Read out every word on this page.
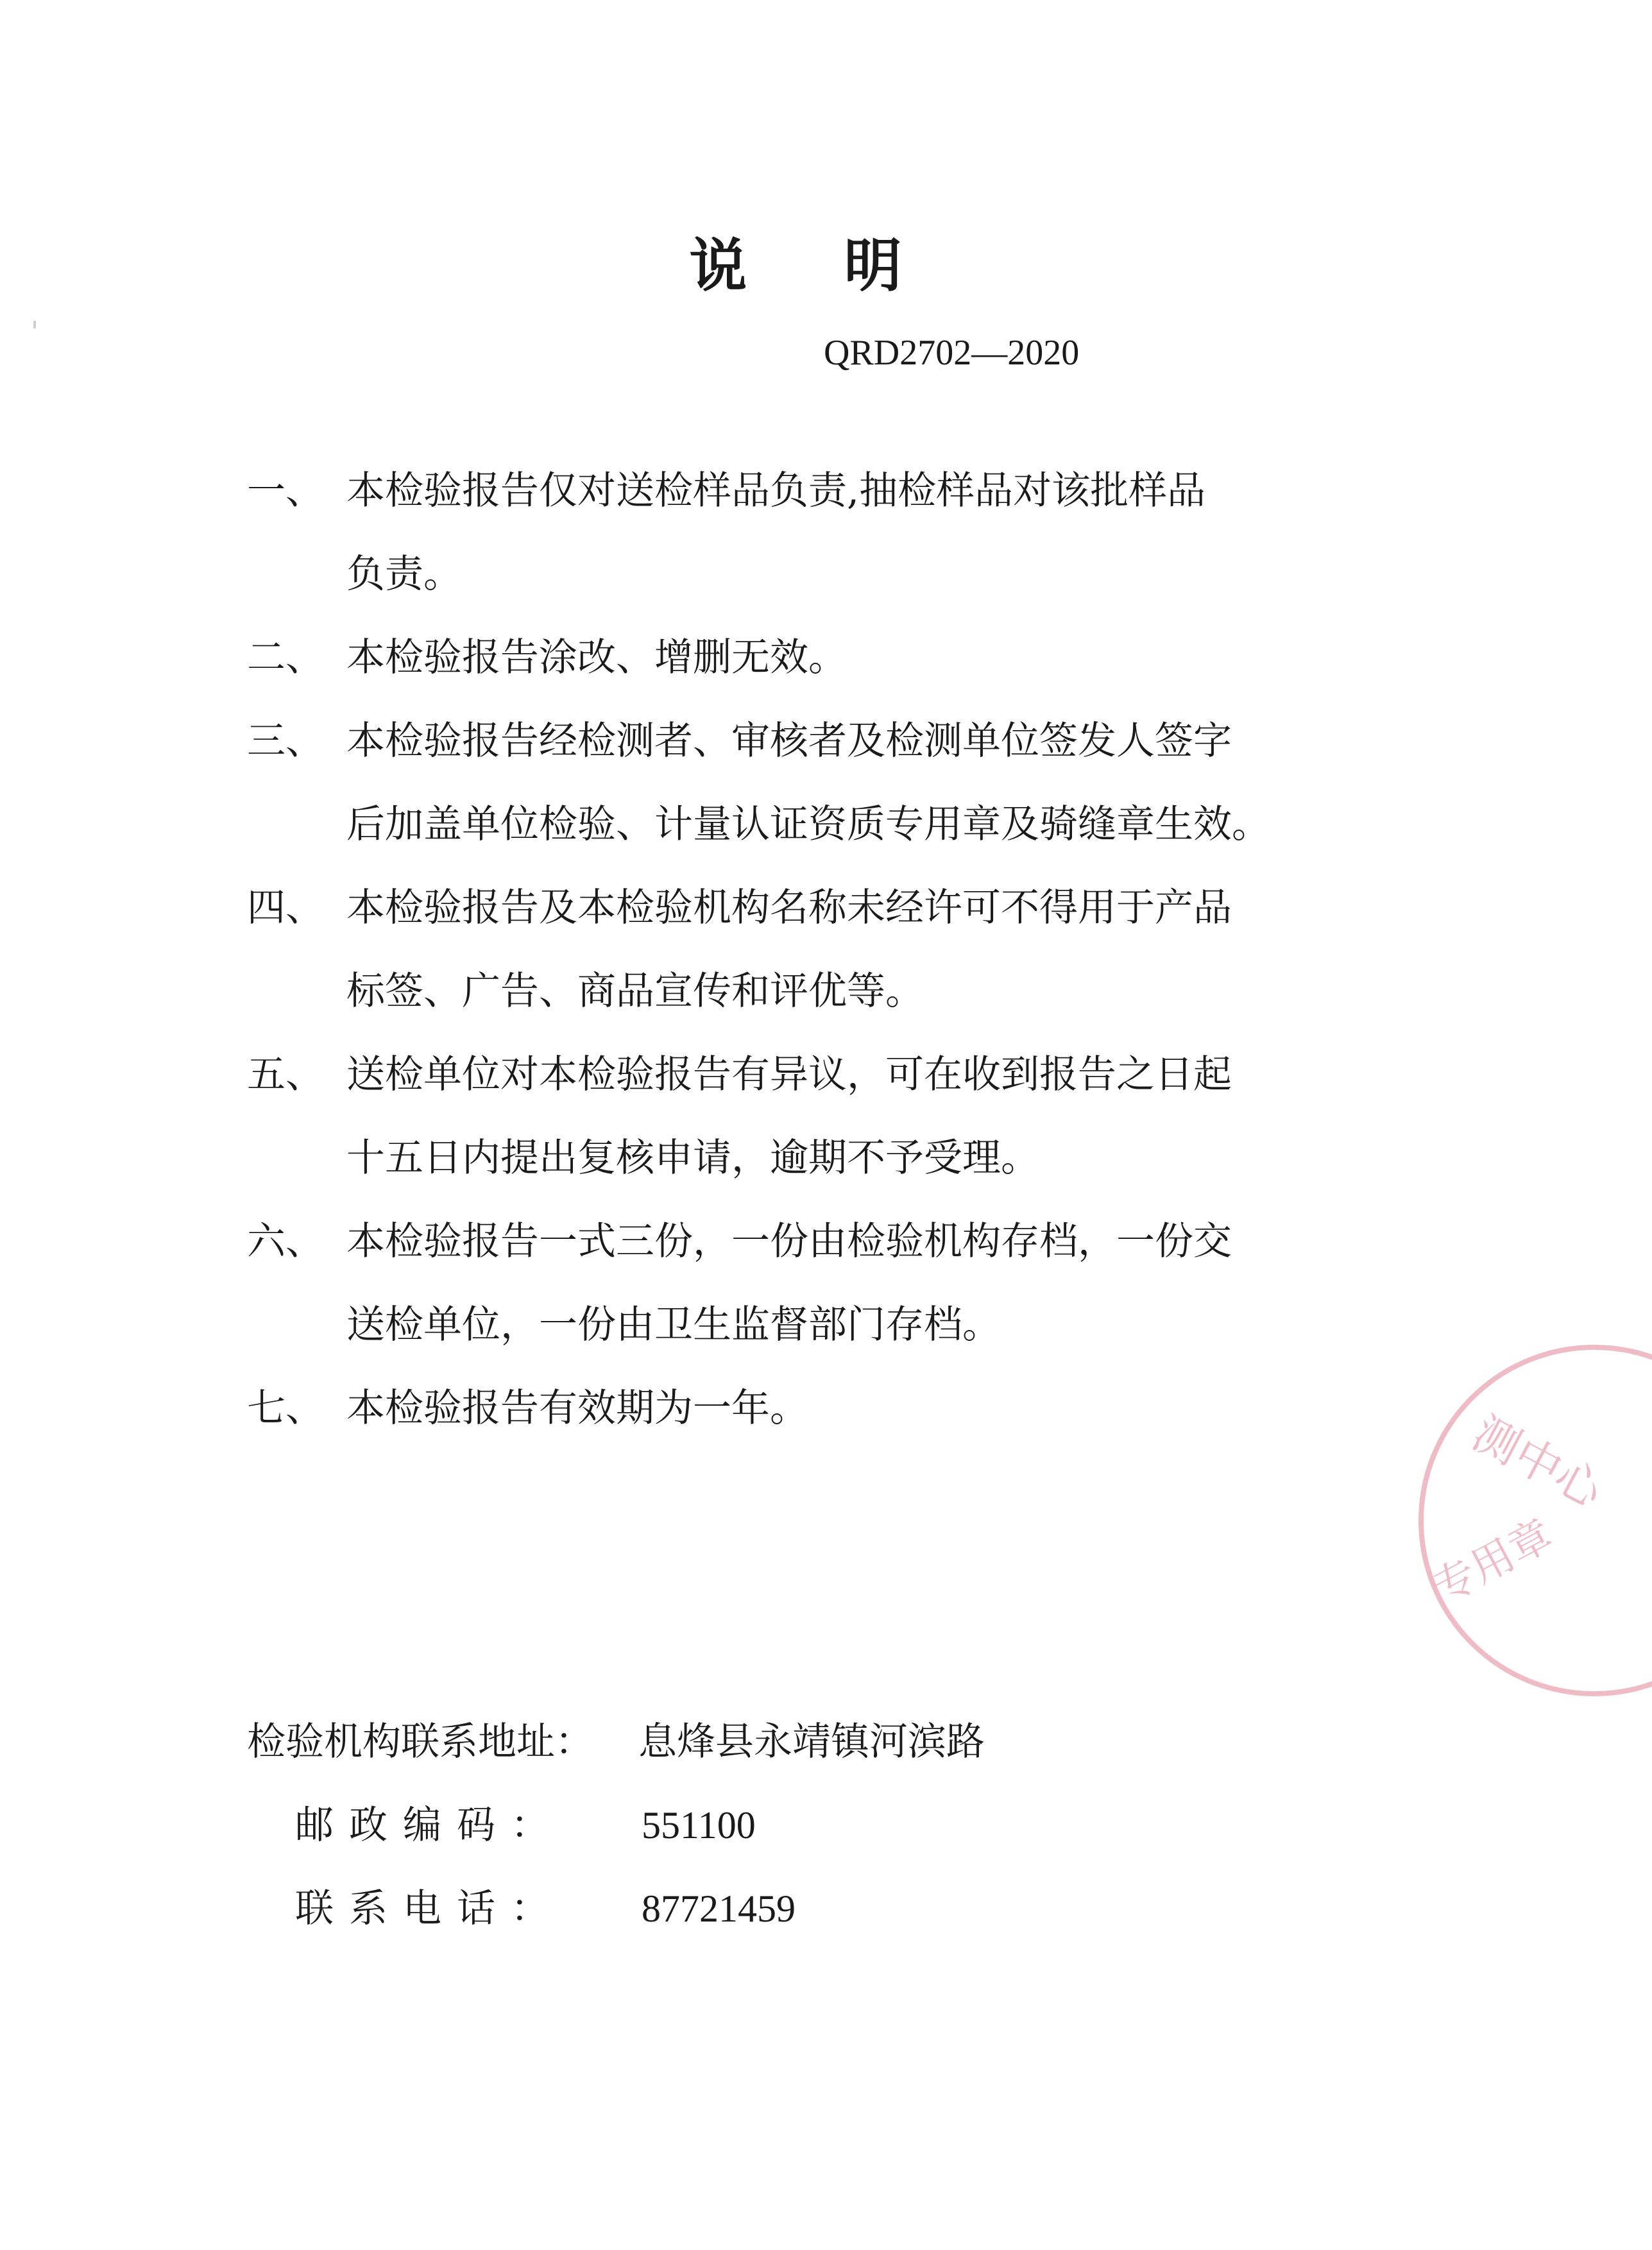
说 明
QRD2702—2020
一、 本检验报告仅对送检样品负责,抽检样品对该批样品
负责。
二、 本检验报告涂改、增删无效。
三、 本检验报告经检测者、审核者及检测单位签发人签字
后加盖单位检验、计量认证资质专用章及骑缝章生效。
四、 本检验报告及本检验机构名称未经许可不得用于产品
标签、广告、商品宣传和评优等。
五、 送检单位对本检验报告有异议，可在收到报告之日起
十五日内提出复核申请，逾期不予受理。
六、 本检验报告一式三份，一份由检验机构存档，一份交
送检单位，一份由卫生监督部门存档。
七、 本检验报告有效期为一年。
检验机构联系地址： 息烽县永靖镇河滨路
邮政编码： 551100
联系电话： 87721459
测中心
专用章
